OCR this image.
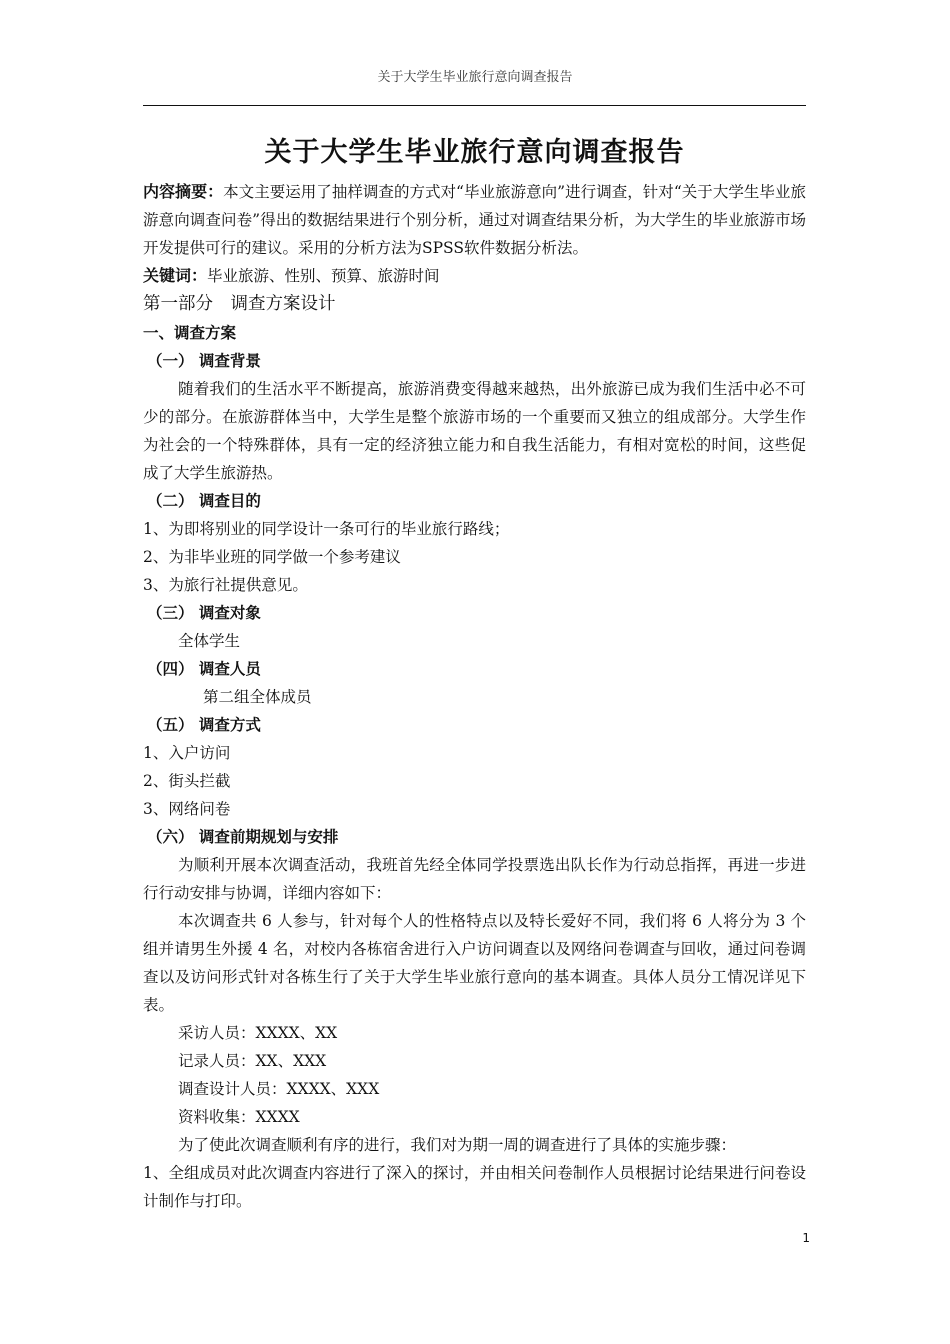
关于大学生毕业旅行意向调查报告
关于大学生毕业旅行意向调查报告

内容摘要：本文主要运用了抽样调查的方式对“毕业旅游意向”进行调查，针对“关于大学生毕业旅游意向调查问卷”得出的数据结果进行个别分析，通过对调查结果分析，为大学生的毕业旅游市场开发提供可行的建议。采用的分析方法为SPSS软件数据分析法。

关键词：毕业旅游、性别、预算、旅游时间

第一部分　调查方案设计

一、调查方案

（一） 调查背景

随着我们的生活水平不断提高，旅游消费变得越来越热，出外旅游已成为我们生活中必不可少的部分。在旅游群体当中，大学生是整个旅游市场的一个重要而又独立的组成部分。大学生作为社会的一个特殊群体，具有一定的经济独立能力和自我生活能力，有相对宽松的时间，这些促成了大学生旅游热。

（二） 调查目的

1、为即将别业的同学设计一条可行的毕业旅行路线；

2、为非毕业班的同学做一个参考建议

3、为旅行社提供意见。

（三） 调查对象

全体学生

（四） 调查人员

第二组全体成员

（五） 调查方式

1、入户访问

2、街头拦截

3、网络问卷

（六） 调查前期规划与安排

为顺利开展本次调查活动，我班首先经全体同学投票选出队长作为行动总指挥，再进一步进行行动安排与协调，详细内容如下：

本次调查共 6 人参与，针对每个人的性格特点以及特长爱好不同，我们将 6 人将分为 3 个组并请男生外援 4 名，对校内各栋宿舍进行入户访问调查以及网络问卷调查与回收，通过问卷调查以及访问形式针对各栋生行了关于大学生毕业旅行意向的基本调查。具体人员分工情况详见下表。

采访人员：XXXX、XX

记录人员：XX、XXX

调查设计人员：XXXX、XXX

资料收集：XXXX

为了使此次调查顺利有序的进行，我们对为期一周的调查进行了具体的实施步骤：

1、全组成员对此次调查内容进行了深入的探讨，并由相关问卷制作人员根据讨论结果进行问卷设计制作与打印。

1
